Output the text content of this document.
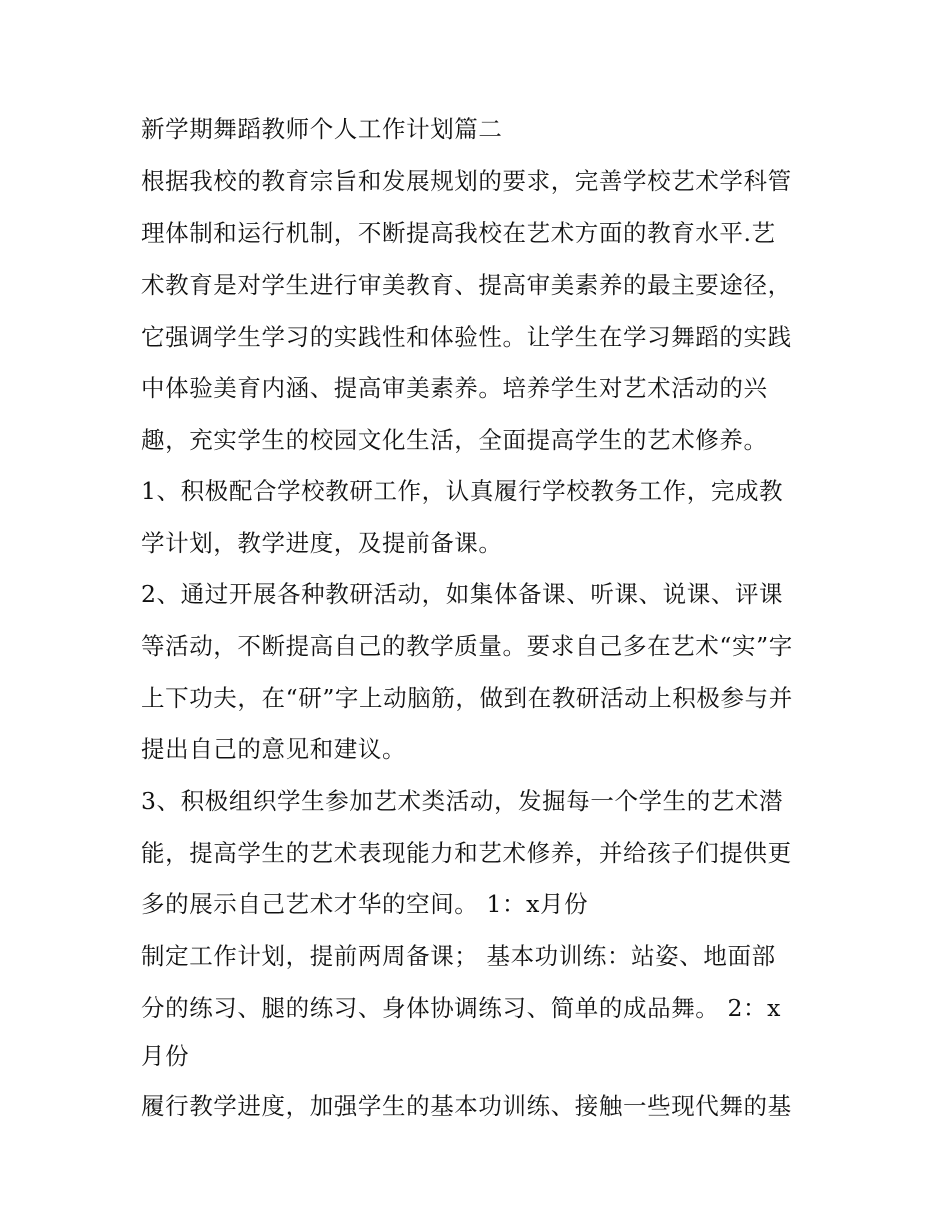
新学期舞蹈教师个人工作计划篇二
根据我校的教育宗旨和发展规划的要求，完善学校艺术学科管
理体制和运行机制，不断提高我校在艺术方面的教育水平.艺
术教育是对学生进行审美教育、提高审美素养的最主要途径，
它强调学生学习的实践性和体验性。让学生在学习舞蹈的实践
中体验美育内涵、提高审美素养。培养学生对艺术活动的兴
趣，充实学生的校园文化生活，全面提高学生的艺术修养。
1、积极配合学校教研工作，认真履行学校教务工作，完成教
学计划，教学进度，及提前备课。
2、通过开展各种教研活动，如集体备课、听课、说课、评课
等活动，不断提高自己的教学质量。要求自己多在艺术“实”字
上下功夫，在“研”字上动脑筋，做到在教研活动上积极参与并
提出自己的意见和建议。
3、积极组织学生参加艺术类活动，发掘每一个学生的艺术潜
能，提高学生的艺术表现能力和艺术修养，并给孩子们提供更
多的展示自己艺术才华的空间。 1：x月份
制定工作计划，提前两周备课； 基本功训练：站姿、地面部
分的练习、腿的练习、身体协调练习、简单的成品舞。 2：x
月份
履行教学进度，加强学生的基本功训练、接触一些现代舞的基
